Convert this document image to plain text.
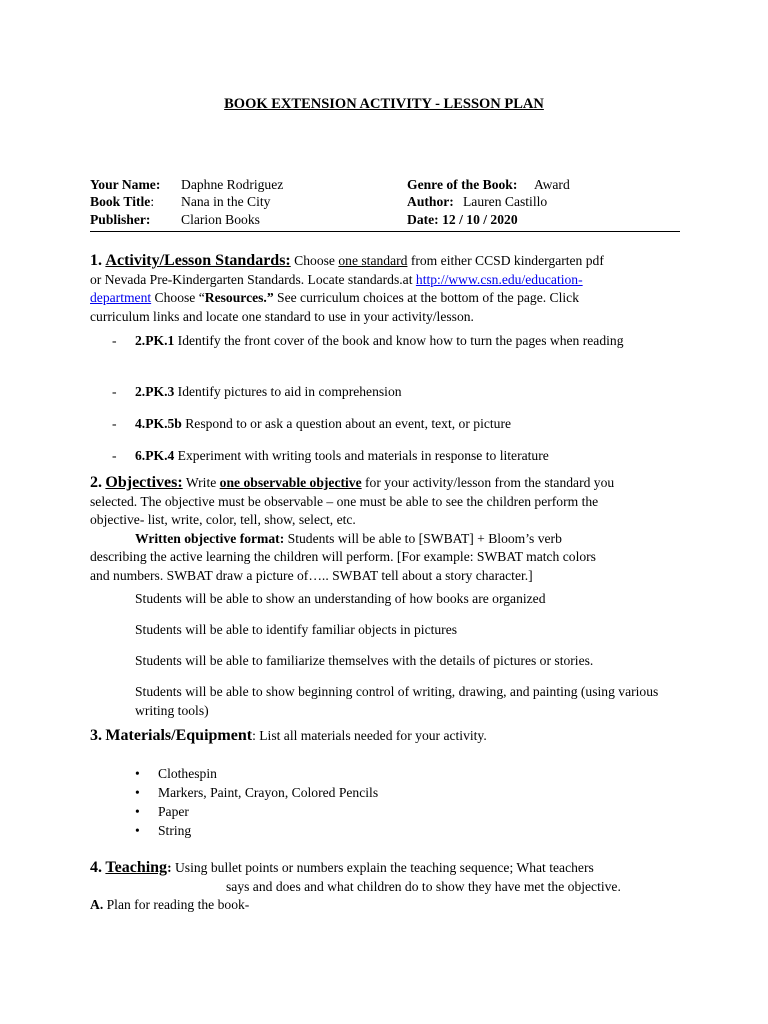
BOOK EXTENSION ACTIVITY - LESSON PLAN
Your Name: Daphne Rodriguez
Book Title: Nana in the City
Publisher: Clarion Books
Genre of the Book: Award
Author: Lauren Castillo
Date: 12 / 10 / 2020
1. Activity/Lesson Standards: Choose one standard from either CCSD kindergarten pdf
or Nevada Pre-Kindergarten Standards. Locate standards.at http://www.csn.edu/education-
department Choose “Resources.” See curriculum choices at the bottom of the page. Click
curriculum links and locate one standard to use in your activity/lesson.
- 2.PK.1 Identify the front cover of the book and know how to turn the pages when reading
- 2.PK.3 Identify pictures to aid in comprehension
- 4.PK.5b Respond to or ask a question about an event, text, or picture
- 6.PK.4 Experiment with writing tools and materials in response to literature
2. Objectives: Write one observable objective for your activity/lesson from the standard you
selected. The objective must be observable – one must be able to see the children perform the
objective- list, write, color, tell, show, select, etc.
Written objective format: Students will be able to [SWBAT] + Bloom’s verb
describing the active learning the children will perform. [For example: SWBAT match colors
and numbers. SWBAT draw a picture of….. SWBAT tell about a story character.]
Students will be able to show an understanding of how books are organized
Students will be able to identify familiar objects in pictures
Students will be able to familiarize themselves with the details of pictures or stories.
Students will be able to show beginning control of writing, drawing, and painting (using various writing tools)
3. Materials/Equipment: List all materials needed for your activity.
• Clothespin
• Markers, Paint, Crayon, Colored Pencils
• Paper
• String
4. Teaching: Using bullet points or numbers explain the teaching sequence; What teachers
says and does and what children do to show they have met the objective.
A. Plan for reading the book-
